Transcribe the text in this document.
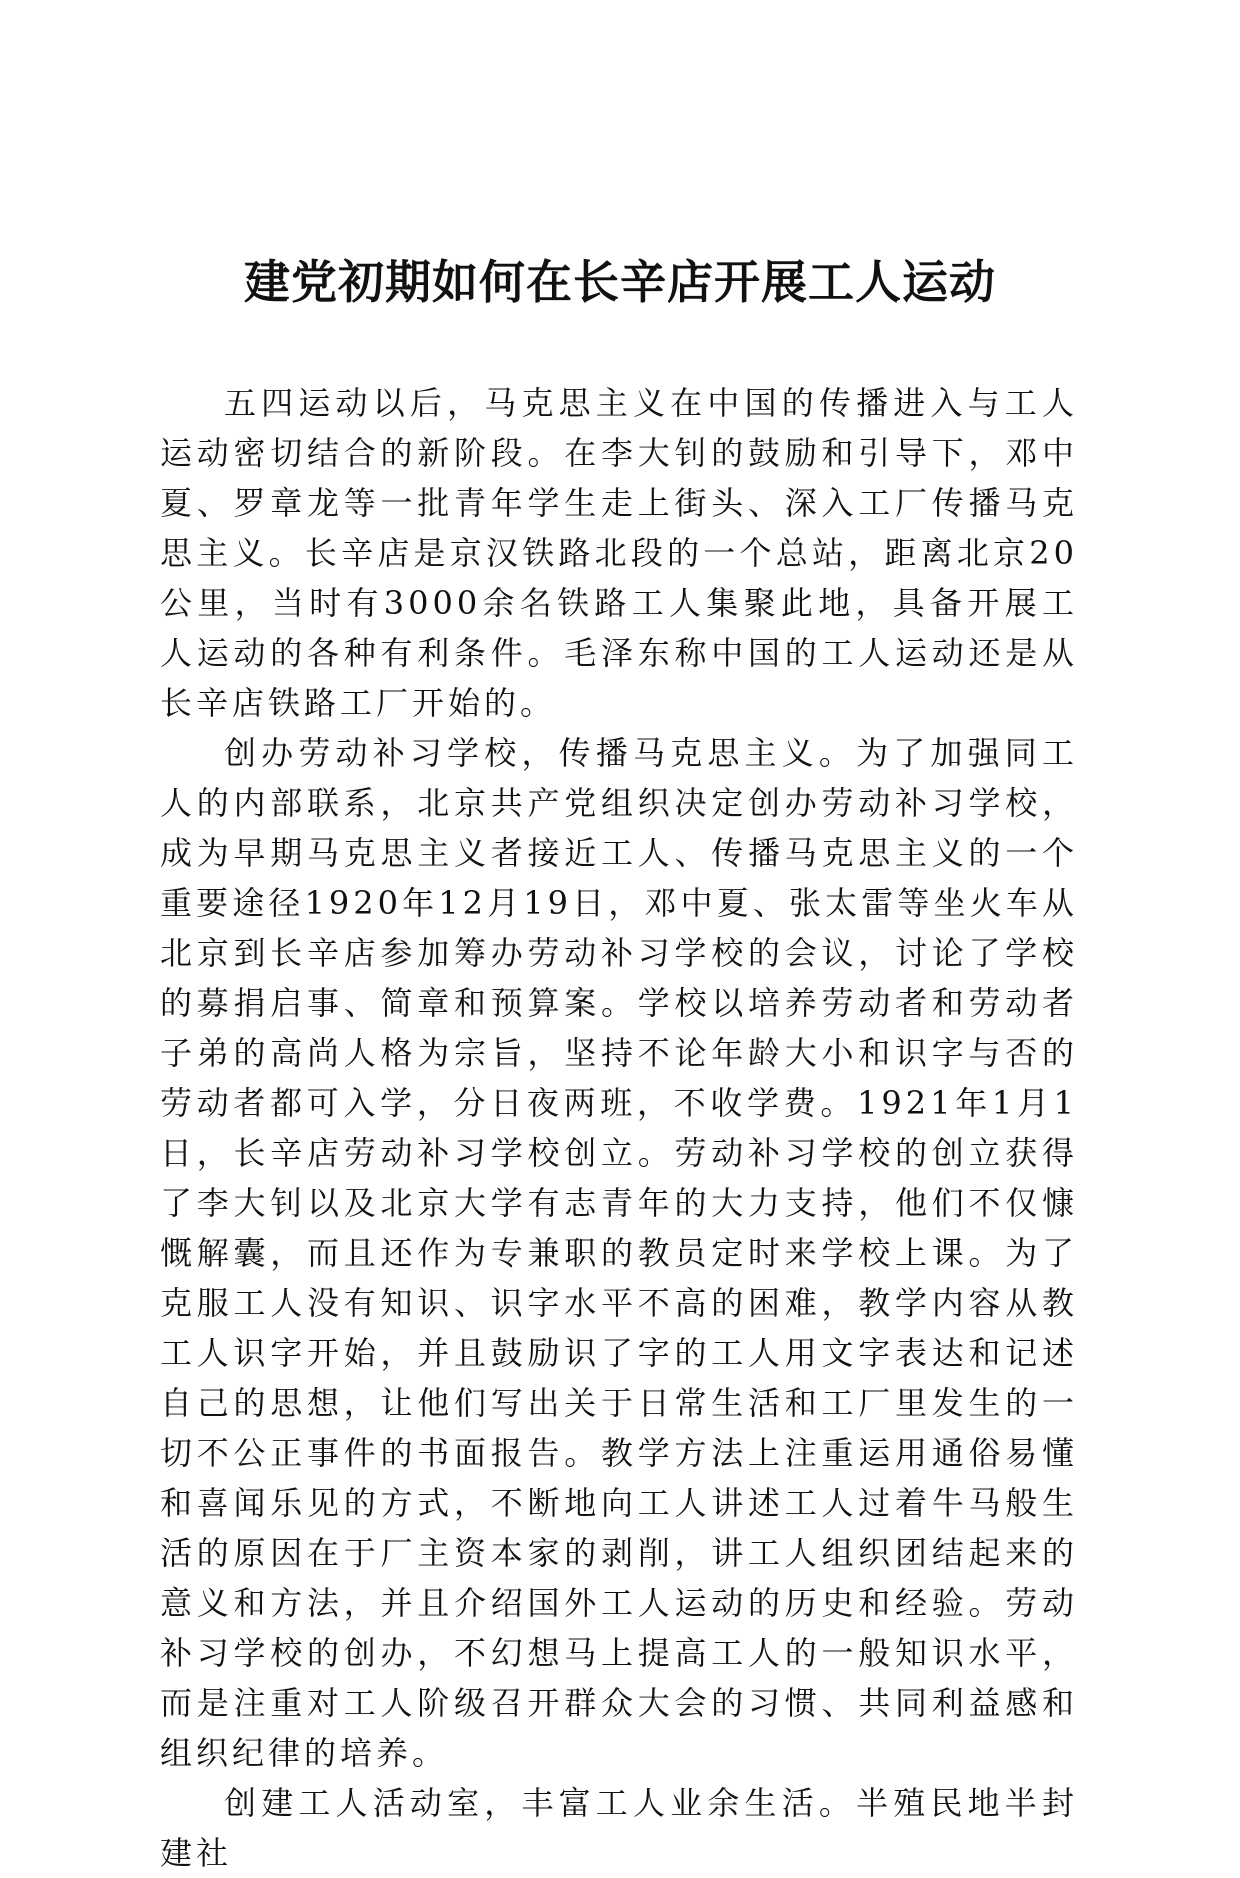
建党初期如何在长辛店开展工人运动

五四运动以后，马克思主义在中国的传播进入与工人运动密切结合的新阶段。在李大钊的鼓励和引导下，邓中夏、罗章龙等一批青年学生走上街头、深入工厂传播马克思主义。长辛店是京汉铁路北段的一个总站，距离北京20公里，当时有3000余名铁路工人集聚此地，具备开展工人运动的各种有利条件。毛泽东称中国的工人运动还是从长辛店铁路工厂开始的。

创办劳动补习学校，传播马克思主义。为了加强同工人的内部联系，北京共产党组织决定创办劳动补习学校，成为早期马克思主义者接近工人、传播马克思主义的一个重要途径1920年12月19日，邓中夏、张太雷等坐火车从北京到长辛店参加筹办劳动补习学校的会议，讨论了学校的募捐启事、简章和预算案。学校以培养劳动者和劳动者子弟的高尚人格为宗旨，坚持不论年龄大小和识字与否的劳动者都可入学，分日夜两班，不收学费。1921年1月1日，长辛店劳动补习学校创立。劳动补习学校的创立获得了李大钊以及北京大学有志青年的大力支持，他们不仅慷慨解囊，而且还作为专兼职的教员定时来学校上课。为了克服工人没有知识、识字水平不高的困难，教学内容从教工人识字开始，并且鼓励识了字的工人用文字表达和记述自己的思想，让他们写出关于日常生活和工厂里发生的一切不公正事件的书面报告。教学方法上注重运用通俗易懂和喜闻乐见的方式，不断地向工人讲述工人过着牛马般生活的原因在于厂主资本家的剥削，讲工人组织团结起来的意义和方法，并且介绍国外工人运动的历史和经验。劳动补习学校的创办，不幻想马上提高工人的一般知识水平，而是注重对工人阶级召开群众大会的习惯、共同利益感和组织纪律的培养。

创建工人活动室，丰富工人业余生活。半殖民地半封建社
